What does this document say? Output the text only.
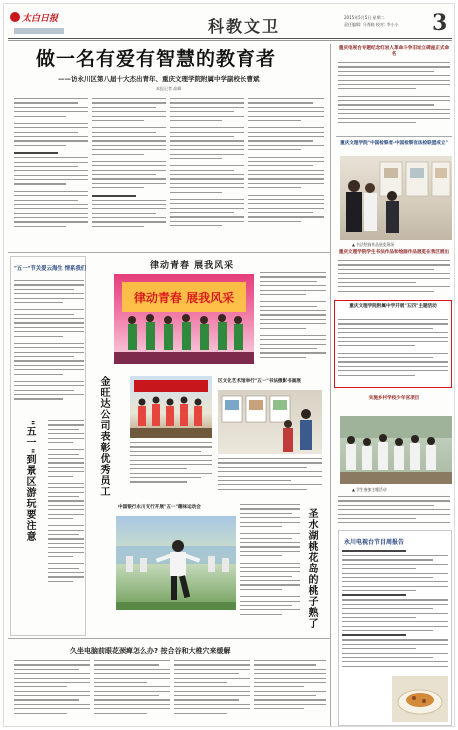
太白日报	科教文卫	2015年5月5日 星期二
责任编辑: 马秀晓 校对: 李小小	3
做一名有爱有智慧的教育者
——访永川区第八届十大杰出青年、重庆文理学院附属中学副校长曹斌
本报记者 高峰
重庆电视台专题纪念红岩人革命斗争旧址立碑座正式命名
重庆文理学院"中国检察者-中国检察官法检联盟成立"
▲ 书法绘画作品展览现场
重庆文理学院学生书法作品和绘画作品展览在我区展出
重庆文理学院附属中学开展"五四"主题活动
实施乡村学校少年宫项目
▲ 学生参加主题活动
永川电视台节目周报告
"五一"节关爱云海生 情系我们
"五一"到景区游玩要注意
律动青春 展我风采
律动青春 展我风采
金旺达公司表彰优秀员工	区文化艺术馆举行"五一"书法摄影书画展
中国银行永川支行开展"五一"趣味运动会
圣水湖桃花岛的桃子熟了
久坐电脑前眼花颈痺怎么办? 按合谷和大椎穴来缓解
